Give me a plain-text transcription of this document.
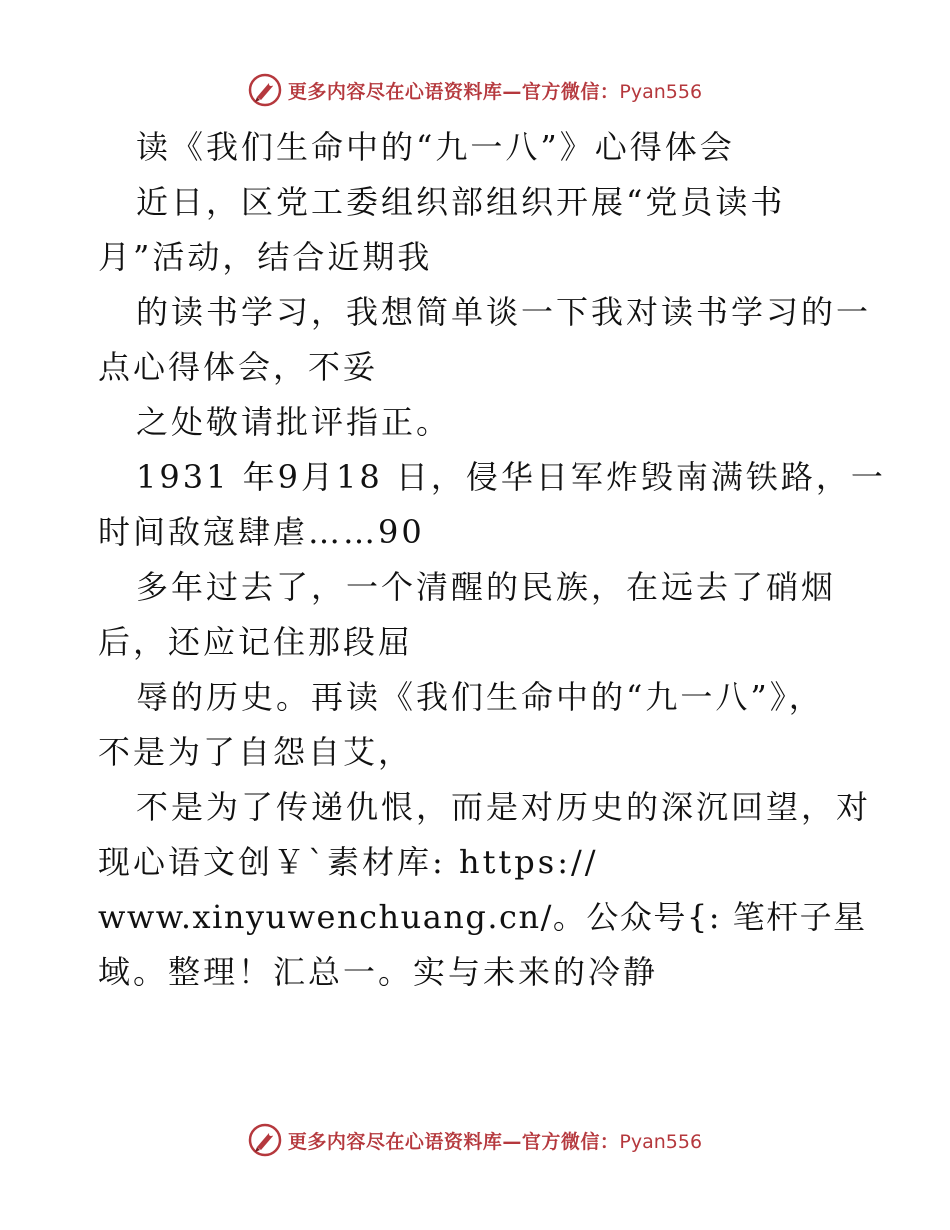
更多内容尽在心语资料库—官方微信：Pyan556
读《我们生命中的“九一八”》心得体会
近日，区党工委组织部组织开展“党员读书
月”活动，结合近期我
的读书学习，我想简单谈一下我对读书学习的一
点心得体会，不妥
之处敬请批评指正。
1931 年9月18 日，侵华日军炸毁南满铁路，一
时间敌寇肆虐……90
多年过去了，一个清醒的民族，在远去了硝烟
后，还应记住那段屈
辱的历史。再读《我们生命中的“九一八”》，
不是为了自怨自艾，
不是为了传递仇恨，而是对历史的深沉回望，对
现心语文创￥`素材库: https://
www.xinyuwenchuang.cn/。公众号{: 笔杆子星
域。整理！汇总一。实与未来的冷静
更多内容尽在心语资料库—官方微信：Pyan556
